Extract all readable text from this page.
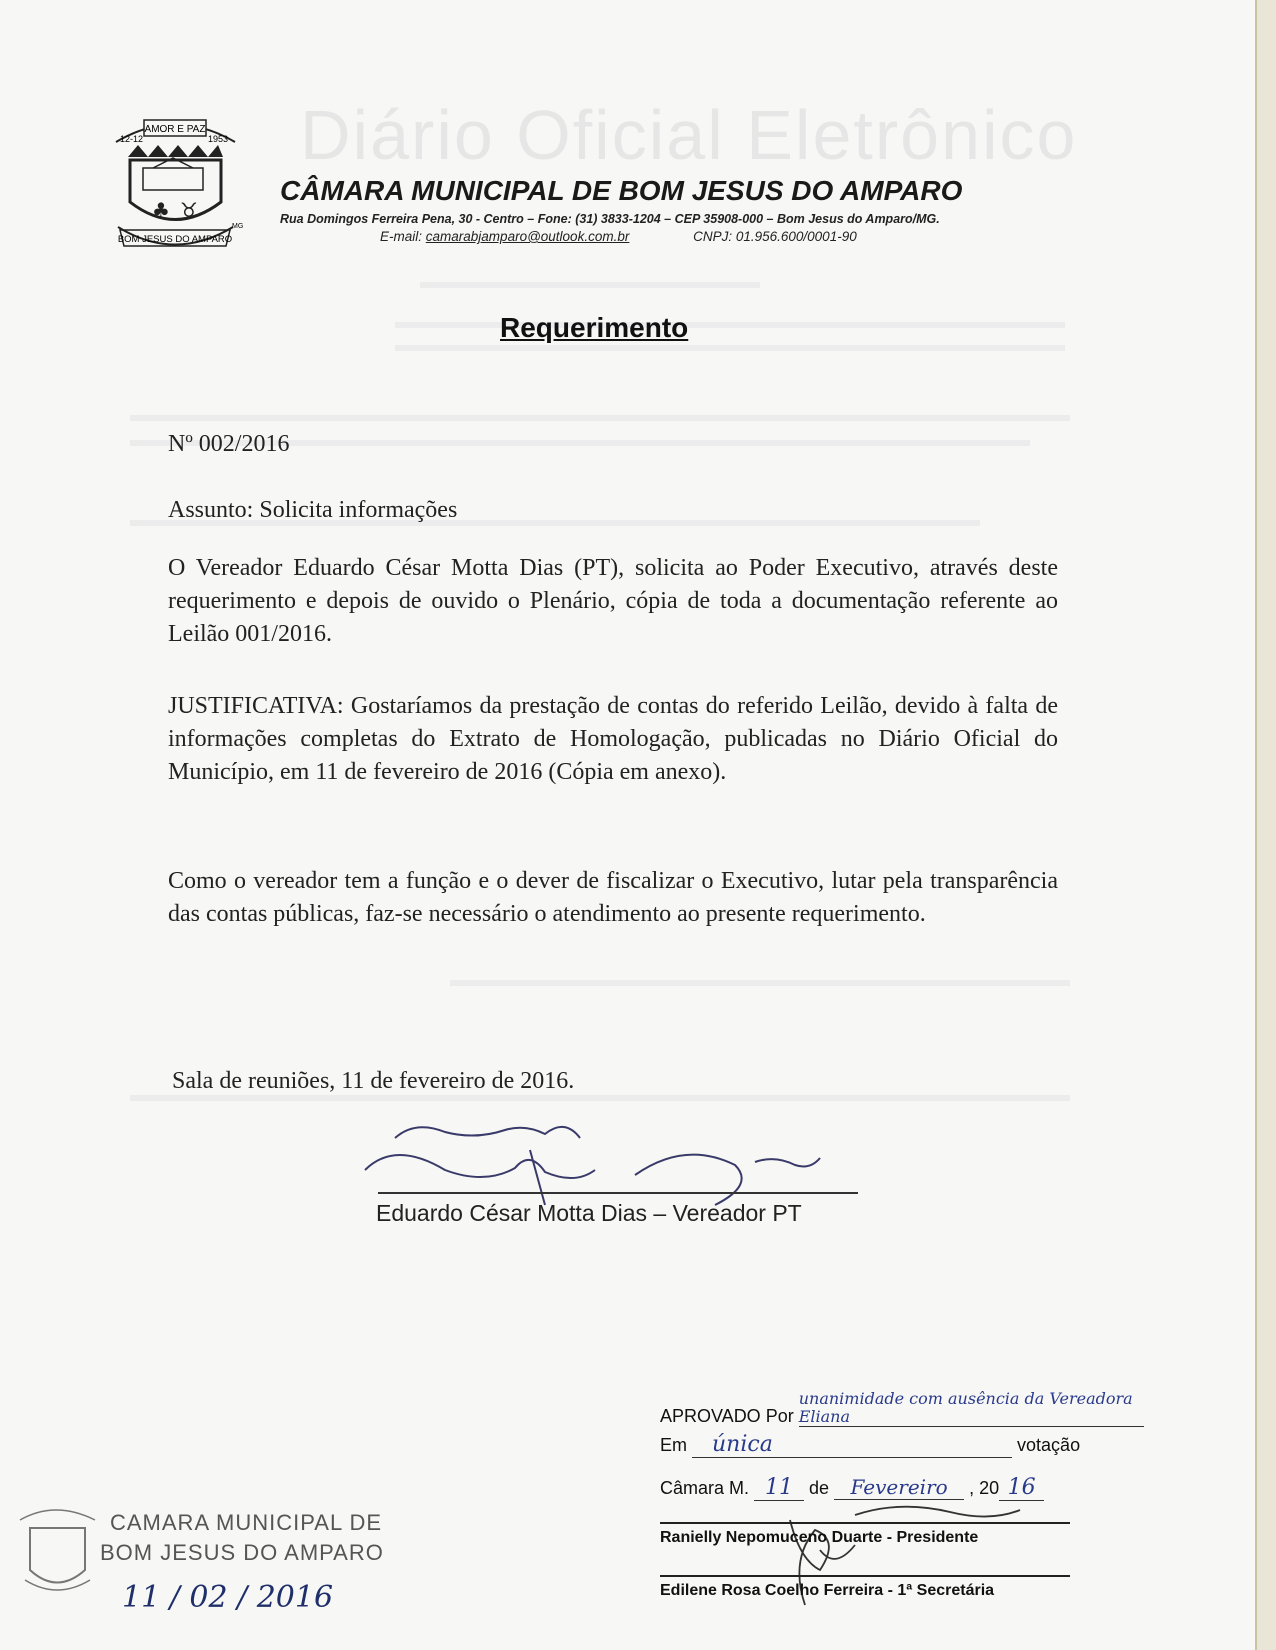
Diário Oficial Eletrônico
AMOR E PAZ
12-12	1953
♣ ♉
BOM JESUS DO AMPARO
MG
CÂMARA MUNICIPAL DE BOM JESUS DO AMPARO
Rua Domingos Ferreira Pena, 30 - Centro – Fone: (31) 3833-1204 – CEP 35908-000 – Bom Jesus do Amparo/MG.
E-mail: camarabjamparo@outlook.com.br	CNPJ: 01.956.600/0001-90
Requerimento
Nº 002/2016
Assunto: Solicita informações
O Vereador Eduardo César Motta Dias (PT), solicita ao Poder Executivo, através deste requerimento e depois de ouvido o Plenário, cópia de toda a documentação referente ao Leilão 001/2016.
JUSTIFICATIVA: Gostaríamos da prestação de contas do referido Leilão, devido à falta de informações completas do Extrato de Homologação, publicadas no Diário Oficial do Município, em 11 de fevereiro de 2016 (Cópia em anexo).
Como o vereador tem a função e o dever de fiscalizar o Executivo, lutar pela transparência das contas públicas, faz-se necessário o atendimento ao presente requerimento.
Sala de reuniões, 11 de fevereiro de 2016.
Eduardo César Motta Dias – Vereador PT
APROVADO Por unanimidade com ausência da Vereadora Eliana
Em única	votação
Câmara M. 11 de Fevereiro , 20 16
Ranielly Nepomuceno Duarte - Presidente
Edilene Rosa Coelho Ferreira - 1ª Secretária
CAMARA MUNICIPAL DE
BOM JESUS DO AMPARO
11 / 02 / 2016
